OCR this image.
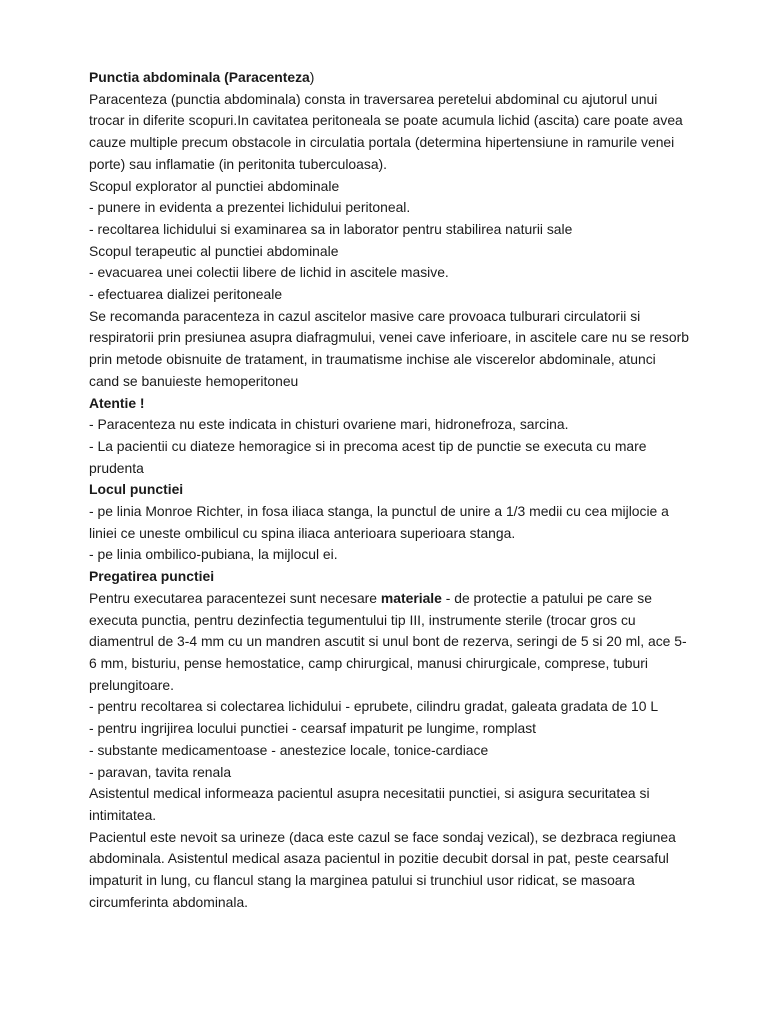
Punctia abdominala (Paracenteza)

Paracenteza (punctia abdominala) consta in traversarea peretelui abdominal cu ajutorul unui trocar in diferite scopuri.In cavitatea peritoneala se poate acumula lichid (ascita) care poate avea cauze multiple precum obstacole in circulatia portala (determina hipertensiune in ramurile venei porte) sau inflamatie (in peritonita tuberculoasa).

Scopul explorator al punctiei abdominale

- punere in evidenta a prezentei lichidului peritoneal.

- recoltarea lichidului si examinarea sa in laborator pentru stabilirea naturii sale

Scopul terapeutic al punctiei abdominale

- evacuarea unei colectii libere de lichid in ascitele masive.

- efectuarea dializei peritoneale

Se recomanda paracenteza in cazul ascitelor masive care provoaca tulburari circulatorii si respiratorii prin presiunea asupra diafragmului, venei cave inferioare, in ascitele care nu se resorb prin metode obisnuite de tratament, in traumatisme inchise ale viscerelor abdominale, atunci cand se banuieste hemoperitoneu

Atentie !

- Paracenteza nu este indicata in chisturi ovariene mari, hidronefroza, sarcina.

- La pacientii cu diateze hemoragice si in precoma acest tip de punctie se executa cu mare prudenta

Locul punctiei

- pe linia Monroe Richter, in fosa iliaca stanga, la punctul de unire a 1/3 medii cu cea mijlocie a liniei ce uneste ombilicul cu spina iliaca anterioara superioara stanga.

- pe linia ombilico-pubiana, la mijlocul ei.

Pregatirea punctiei

Pentru executarea paracentezei sunt necesare materiale - de protectie a patului pe care se executa punctia, pentru dezinfectia tegumentului tip III, instrumente sterile (trocar gros cu diamentrul de 3-4 mm cu un mandren ascutit si unul bont de rezerva, seringi de 5 si 20 ml, ace 5-6 mm, bisturiu, pense hemostatice, camp chirurgical, manusi chirurgicale, comprese, tuburi prelungitoare.

- pentru recoltarea si colectarea lichidului - eprubete, cilindru gradat, galeata gradata de 10 L

- pentru ingrijirea locului punctiei - cearsaf impaturit pe lungime, romplast

- substante medicamentoase - anestezice locale, tonice-cardiace

- paravan, tavita renala

Asistentul medical informeaza pacientul asupra necesitatii punctiei, si asigura securitatea si intimitatea.

Pacientul este nevoit sa urineze (daca este cazul se face sondaj vezical), se dezbraca regiunea abdominala. Asistentul medical asaza pacientul in pozitie decubit dorsal in pat, peste cearsaful impaturit in lung, cu flancul stang la marginea patului si trunchiul usor ridicat, se masoara circumferinta abdominala.
